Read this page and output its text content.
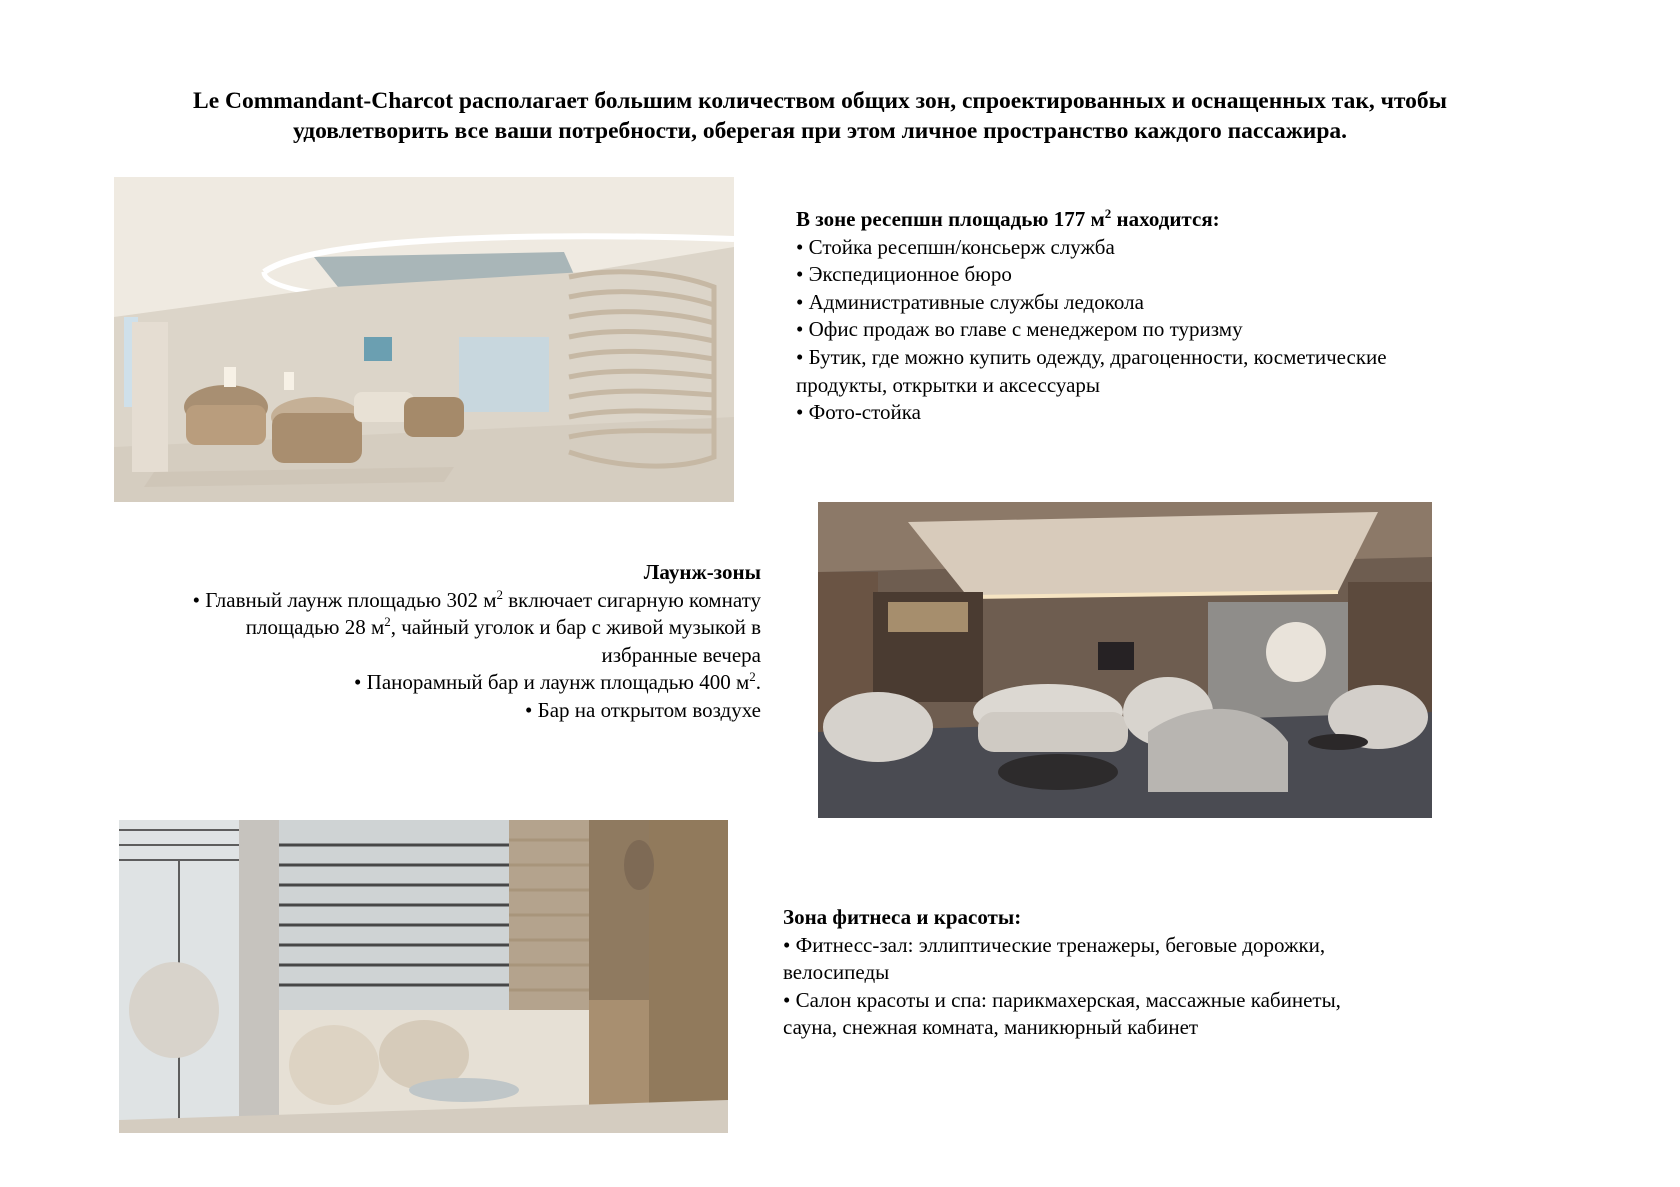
Le Commandant-Charcot располагает большим количеством общих зон, спроектированных и оснащенных так, чтобы
удовлетворить все ваши потребности, оберегая при этом личное пространство каждого пассажира.
В зоне ресепшн площадью 177 $м^2$ находится:
• Стойка ресепшн/консьерж служба
• Экспедиционное бюро
• Административные службы ледокола
• Офис продаж во главе с менеджером по туризму
• Бутик, где можно купить одежду, драгоценности, косметические
продукты, открытки и аксессуары
• Фото-стойка
Лаунж-зоны
• Главный лаунж площадью 302 $м^2$ включает сигарную комнату
площадью 28 $м^2$, чайный уголок и бар с живой музыкой в
избранные вечера
• Панорамный бар и лаунж площадью 400 $м^2$.
• Бар на открытом воздухе
Зона фитнеса и красоты:
• Фитнесс-зал: эллиптические тренажеры, беговые дорожки,
велосипеды
• Салон красоты и спа: парикмахерская, массажные кабинеты,
сауна, снежная комната, маникюрный кабинет
